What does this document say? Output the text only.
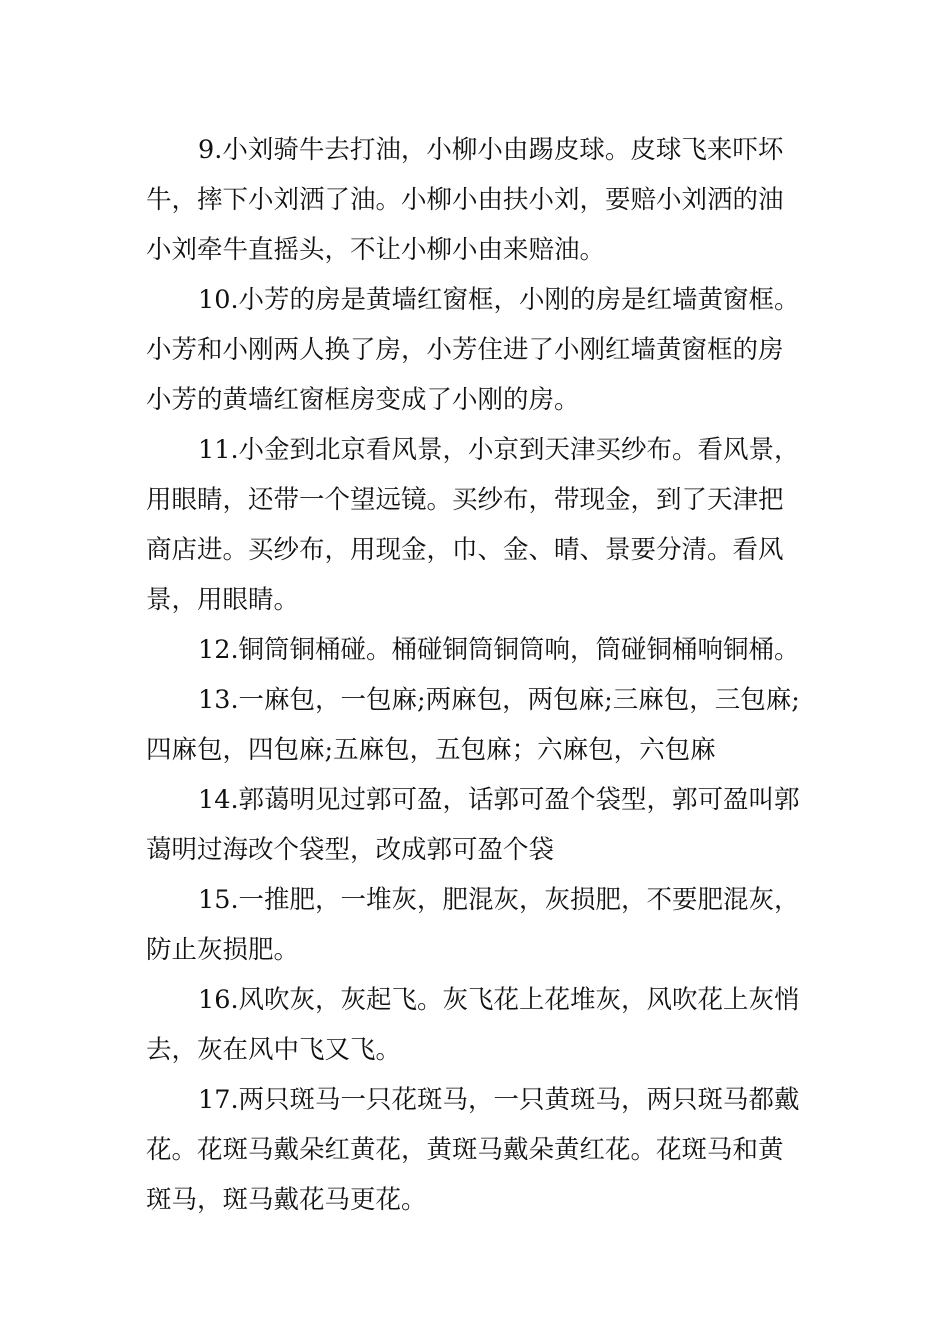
9.小刘骑牛去打油，小柳小由踢皮球。皮球飞来吓坏
牛，摔下小刘洒了油。小柳小由扶小刘，要赔小刘洒的油
小刘牵牛直摇头，不让小柳小由来赔油。
10.小芳的房是黄墙红窗框，小刚的房是红墙黄窗框。
小芳和小刚两人换了房，小芳住进了小刚红墙黄窗框的房
小芳的黄墙红窗框房变成了小刚的房。
11.小金到北京看风景，小京到天津买纱布。看风景，
用眼睛，还带一个望远镜。买纱布，带现金，到了天津把
商店进。买纱布，用现金，巾、金、晴、景要分清。看风
景，用眼睛。
12.铜筒铜桶碰。桶碰铜筒铜筒响，筒碰铜桶响铜桶。
13.一麻包，一包麻;两麻包，两包麻;三麻包，三包麻;
四麻包，四包麻;五麻包，五包麻；六麻包，六包麻
14.郭蔼明见过郭可盈，话郭可盈个袋型，郭可盈叫郭
蔼明过海改个袋型，改成郭可盈个袋
15.一推肥，一堆灰，肥混灰，灰损肥，不要肥混灰，
防止灰损肥。
16.风吹灰，灰起飞。灰飞花上花堆灰，风吹花上灰悄
去，灰在风中飞又飞。
17.两只斑马一只花斑马，一只黄斑马，两只斑马都戴
花。花斑马戴朵红黄花，黄斑马戴朵黄红花。花斑马和黄
斑马，斑马戴花马更花。
